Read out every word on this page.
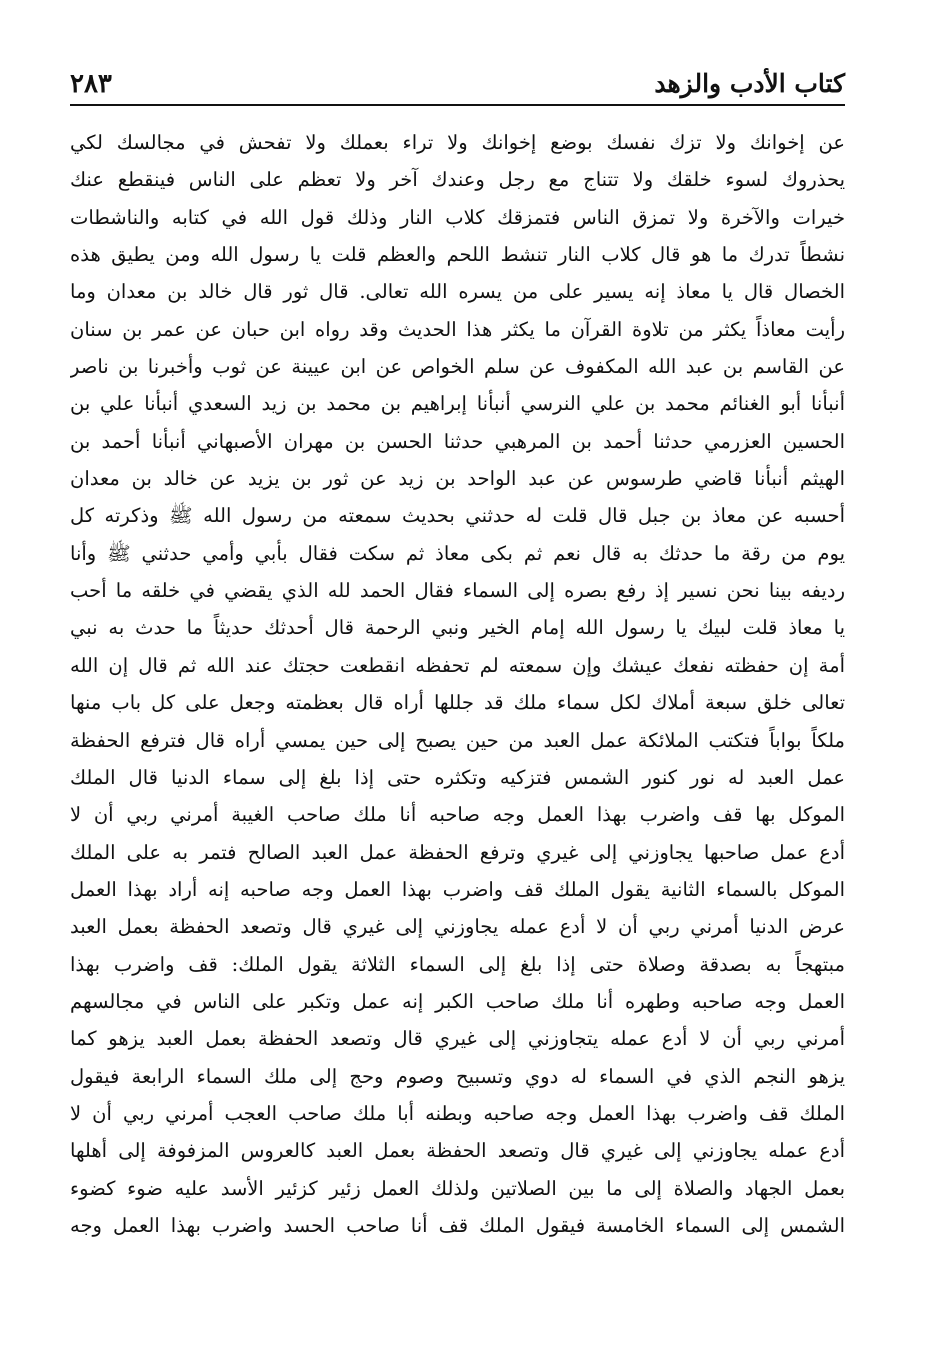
كتاب الأدب والزهد
٢٨٣
عن إخوانك ولا تزك نفسك بوضع إخوانك ولا تراء بعملك ولا تفحش في مجالسك لكي
يحذروك لسوء خلقك ولا تتناج مع رجل وعندك آخر ولا تعظم على الناس فينقطع عنك
خيرات والآخرة ولا تمزق الناس فتمزقك كلاب النار وذلك قول الله في كتابه والناشطات
نشطاً تدرك ما هو قال كلاب النار تنشط اللحم والعظم قلت يا رسول الله ومن يطيق هذه
الخصال قال يا معاذ إنه يسير على من يسره الله تعالى. قال ثور قال خالد بن معدان وما
رأيت معاذاً يكثر من تلاوة القرآن ما يكثر هذا الحديث وقد رواه ابن حبان عن عمر بن سنان
عن القاسم بن عبد الله المكفوف عن سلم الخواص عن ابن عيينة عن ثوب وأخبرنا بن ناصر
أنبأنا أبو الغنائم محمد بن علي النرسي أنبأنا إبراهيم بن محمد بن زيد السعدي أنبأنا علي بن
الحسين العزرمي حدثنا أحمد بن المرهبي حدثنا الحسن بن مهران الأصبهاني أنبأنا أحمد بن
الهيثم أنبأنا قاضي طرسوس عن عبد الواحد بن زيد عن ثور بن يزيد عن خالد بن معدان
أحسبه عن معاذ بن جبل قال قلت له حدثني بحديث سمعته من رسول الله ﷺ وذكرته كل
يوم من رقة ما حدثك به قال نعم ثم بكى معاذ ثم سكت فقال بأبي وأمي حدثني ﷺ وأنا
رديفه بينا نحن نسير إذ رفع بصره إلى السماء فقال الحمد لله الذي يقضي في خلقه ما أحب
يا معاذ قلت لبيك يا رسول الله إمام الخير ونبي الرحمة قال أحدثك حديثاً ما حدث به نبي
أمة إن حفظته نفعك عيشك وإن سمعته لم تحفظه انقطعت حجتك عند الله ثم قال إن الله
تعالى خلق سبعة أملاك لكل سماء ملك قد جللها أراه قال بعظمته وجعل على كل باب منها
ملكاً بواباً فتكتب الملائكة عمل العبد من حين يصبح إلى حين يمسي أراه قال فترفع الحفظة
عمل العبد له نور كنور الشمس فتزكيه وتكثره حتى إذا بلغ إلى سماء الدنيا قال الملك
الموكل بها قف واضرب بهذا العمل وجه صاحبه أنا ملك صاحب الغيبة أمرني ربي أن لا
أدع عمل صاحبها يجاوزني إلى غيري وترفع الحفظة عمل العبد الصالح فتمر به على الملك
الموكل بالسماء الثانية يقول الملك قف واضرب بهذا العمل وجه صاحبه إنه أراد بهذا العمل
عرض الدنيا أمرني ربي أن لا أدع عمله يجاوزني إلى غيري قال وتصعد الحفظة بعمل العبد
مبتهجاً به بصدقة وصلاة حتى إذا بلغ إلى السماء الثلاثة يقول الملك: قف واضرب بهذا
العمل وجه صاحبه وطهره أنا ملك صاحب الكبر إنه عمل وتكبر على الناس في مجالسهم
أمرني ربي أن لا أدع عمله يتجاوزني إلى غيري قال وتصعد الحفظة بعمل العبد يزهو كما
يزهو النجم الذي في السماء له دوي وتسبيح وصوم وحج إلى ملك السماء الرابعة فيقول
الملك قف واضرب بهذا العمل وجه صاحبه وبطنه أبا ملك صاحب العجب أمرني ربي أن لا
أدع عمله يجاوزني إلى غيري قال وتصعد الحفظة بعمل العبد كالعروس المزفوفة إلى أهلها
بعمل الجهاد والصلاة إلى ما بين الصلاتين ولذلك العمل زئير كزئير الأسد عليه ضوء كضوء
الشمس إلى السماء الخامسة فيقول الملك قف أنا صاحب الحسد واضرب بهذا العمل وجه
